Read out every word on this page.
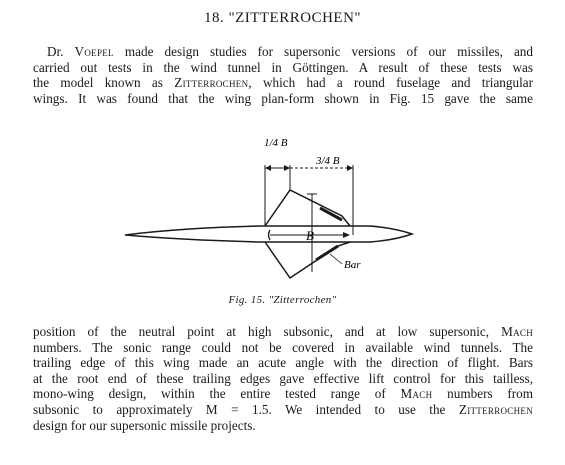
18. "ZITTERROCHEN"
Dr. Voepel made design studies for supersonic versions of our missiles, and
carried out tests in the wind tunnel in Göttingen. A result of these tests was
the model known as Zitterrochen, which had a round fuselage and triangular
wings. It was found that the wing plan-form shown in Fig. 15 gave the same
1/4 B
3/4 B
B
Bar
Fig. 15. "Zitterrochen"
position of the neutral point at high subsonic, and at low supersonic, Mach
numbers. The sonic range could not be covered in available wind tunnels. The
trailing edge of this wing made an acute angle with the direction of flight. Bars
at the root end of these trailing edges gave effective lift control for this tailless,
mono-wing design, within the entire tested range of Mach numbers from
subsonic to approximately M = 1.5. We intended to use the Zitterrochen
design for our supersonic missile projects.
